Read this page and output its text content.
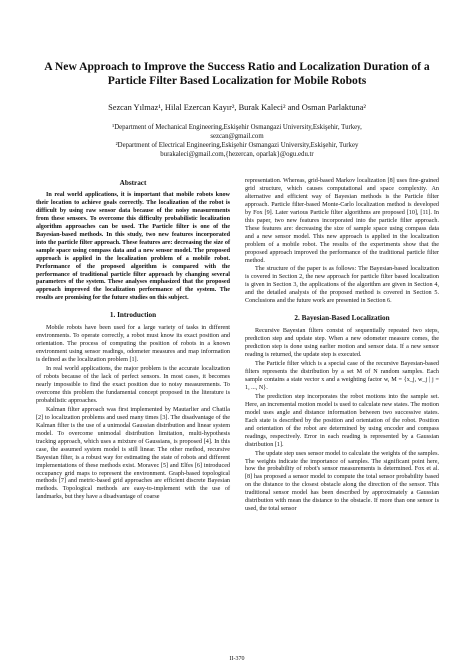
A New Approach to Improve the Success Ratio and Localization Duration of a
Particle Filter Based Localization for Mobile Robots
Sezcan Yılmaz¹, Hilal Ezercan Kayır², Burak Kaleci² and Osman Parlaktuna²

¹Department of Mechanical Engineering,Eskişehir Osmangazi University,Eskişehir, Turkey,

sezcan@gmail.com

²Department of Electrical Engineering,Eskişehir Osmangazi University,Eskişehir, Turkey

burakaleci@gmail.com,{hezercan, oparlak}@ogu.edu.tr

Abstract

In real world applications, it is important that mobile robots know their location to achieve goals correctly. The localization of the robot is difficult by using raw sensor data because of the noisy measurements from these sensors. To overcome this difficulty probabilistic localization algorithm approaches can be used. The Particle filter is one of the Bayesian-based methods. In this study, two new features incorporated into the particle filter approach. These features are: decreasing the size of sample space using compass data and a new sensor model. The proposed approach is applied in the localization problem of a mobile robot. Performance of the proposed algorithm is compared with the performance of traditional particle filter approach by changing several parameters of the system. These analyses emphasized that the proposed approach improved the localization performance of the system. The results are promising for the future studies on this subject.

1. Introduction

Mobile robots have been used for a large variety of tasks in different environments. To operate correctly, a robot must know its exact position and orientation. The process of computing the position of robots in a known environment using sensor readings, odometer measures and map information is defined as the localization problem [1].

In real world applications, the major problem is the accurate localization of robots because of the lack of perfect sensors. In most cases, it becomes nearly impossible to find the exact position due to noisy measurements. To overcome this problem the fundamental concept proposed in the literature is probabilistic approaches.

Kalman filter approach was first implemented by Mautarlier and Chatila [2] to localization problems and used many times [3]. The disadvantage of the Kalman filter is the use of a unimodal Gaussian distribution and linear system model. To overcome unimodal distribution limitation, multi-hypothesis tracking approach, which uses a mixture of Gaussians, is proposed [4]. In this case, the assumed system model is still linear. The other method, recursive Bayesian filter, is a robust way for estimating the state of robots and different implementations of these methods exist. Moravec [5] and Elfes [6] introduced occupancy grid maps to represent the environment. Graph-based topological methods [7] and metric-based grid approaches are efficient discrete Bayesian methods. Topological methods are easy-to-implement with the use of landmarks, but they have a disadvantage of coarse

representation. Whereas, grid-based Markov localization [8] uses fine-grained grid structure, which causes computational and space complexity. An alternative and efficient way of Bayesian methods is the Particle filter approach. Particle filter-based Monte-Carlo localization method is developed by Fox [9]. Later various Particle filter algorithms are proposed [10], [11]. In this paper, two new features incorporated into the particle filter approach. These features are: decreasing the size of sample space using compass data and a new sensor model. This new approach is applied in the localization problem of a mobile robot. The results of the experiments show that the proposed approach improved the performance of the traditional particle filter method.

The structure of the paper is as follows: The Bayesian-based localization is covered in Section 2, the new approach for particle filter based localization is given in Section 3, the applications of the algorithm are given in Section 4, and the detailed analysis of the proposed method is covered in Section 5. Conclusions and the future work are presented in Section 6.

2. Bayesian-Based Localization

Recursive Bayesian filters consist of sequentially repeated two steps, prediction step and update step. When a new odometer measure comes, the prediction step is done using earlier motion and sensor data. If a new sensor reading is returned, the update step is executed.

The Particle filter which is a special case of the recursive Bayesian-based filters represents the distribution by a set M of N random samples. Each sample contains a state vector x and a weighting factor w, M = {x_j, w_j | j = 1, ..., N}.

The prediction step incorporates the robot motions into the sample set. Here, an incremental motion model is used to calculate new states. The motion model uses angle and distance information between two successive states. Each state is described by the position and orientation of the robot. Position and orientation of the robot are determined by using encoder and compass readings, respectively. Error in each reading is represented by a Gaussian distribution [1].

The update step uses sensor model to calculate the weights of the samples. The weights indicate the importance of samples. The significant point here, how the probability of robot's sensor measurements is determined. Fox et al. [8] has proposed a sensor model to compute the total sensor probability based on the distance to the closest obstacle along the direction of the sensor. This traditional sensor model has been described by approximately a Gaussian distribution with mean the distance to the obstacle. If more than one sensor is used, the total sensor

II-370
